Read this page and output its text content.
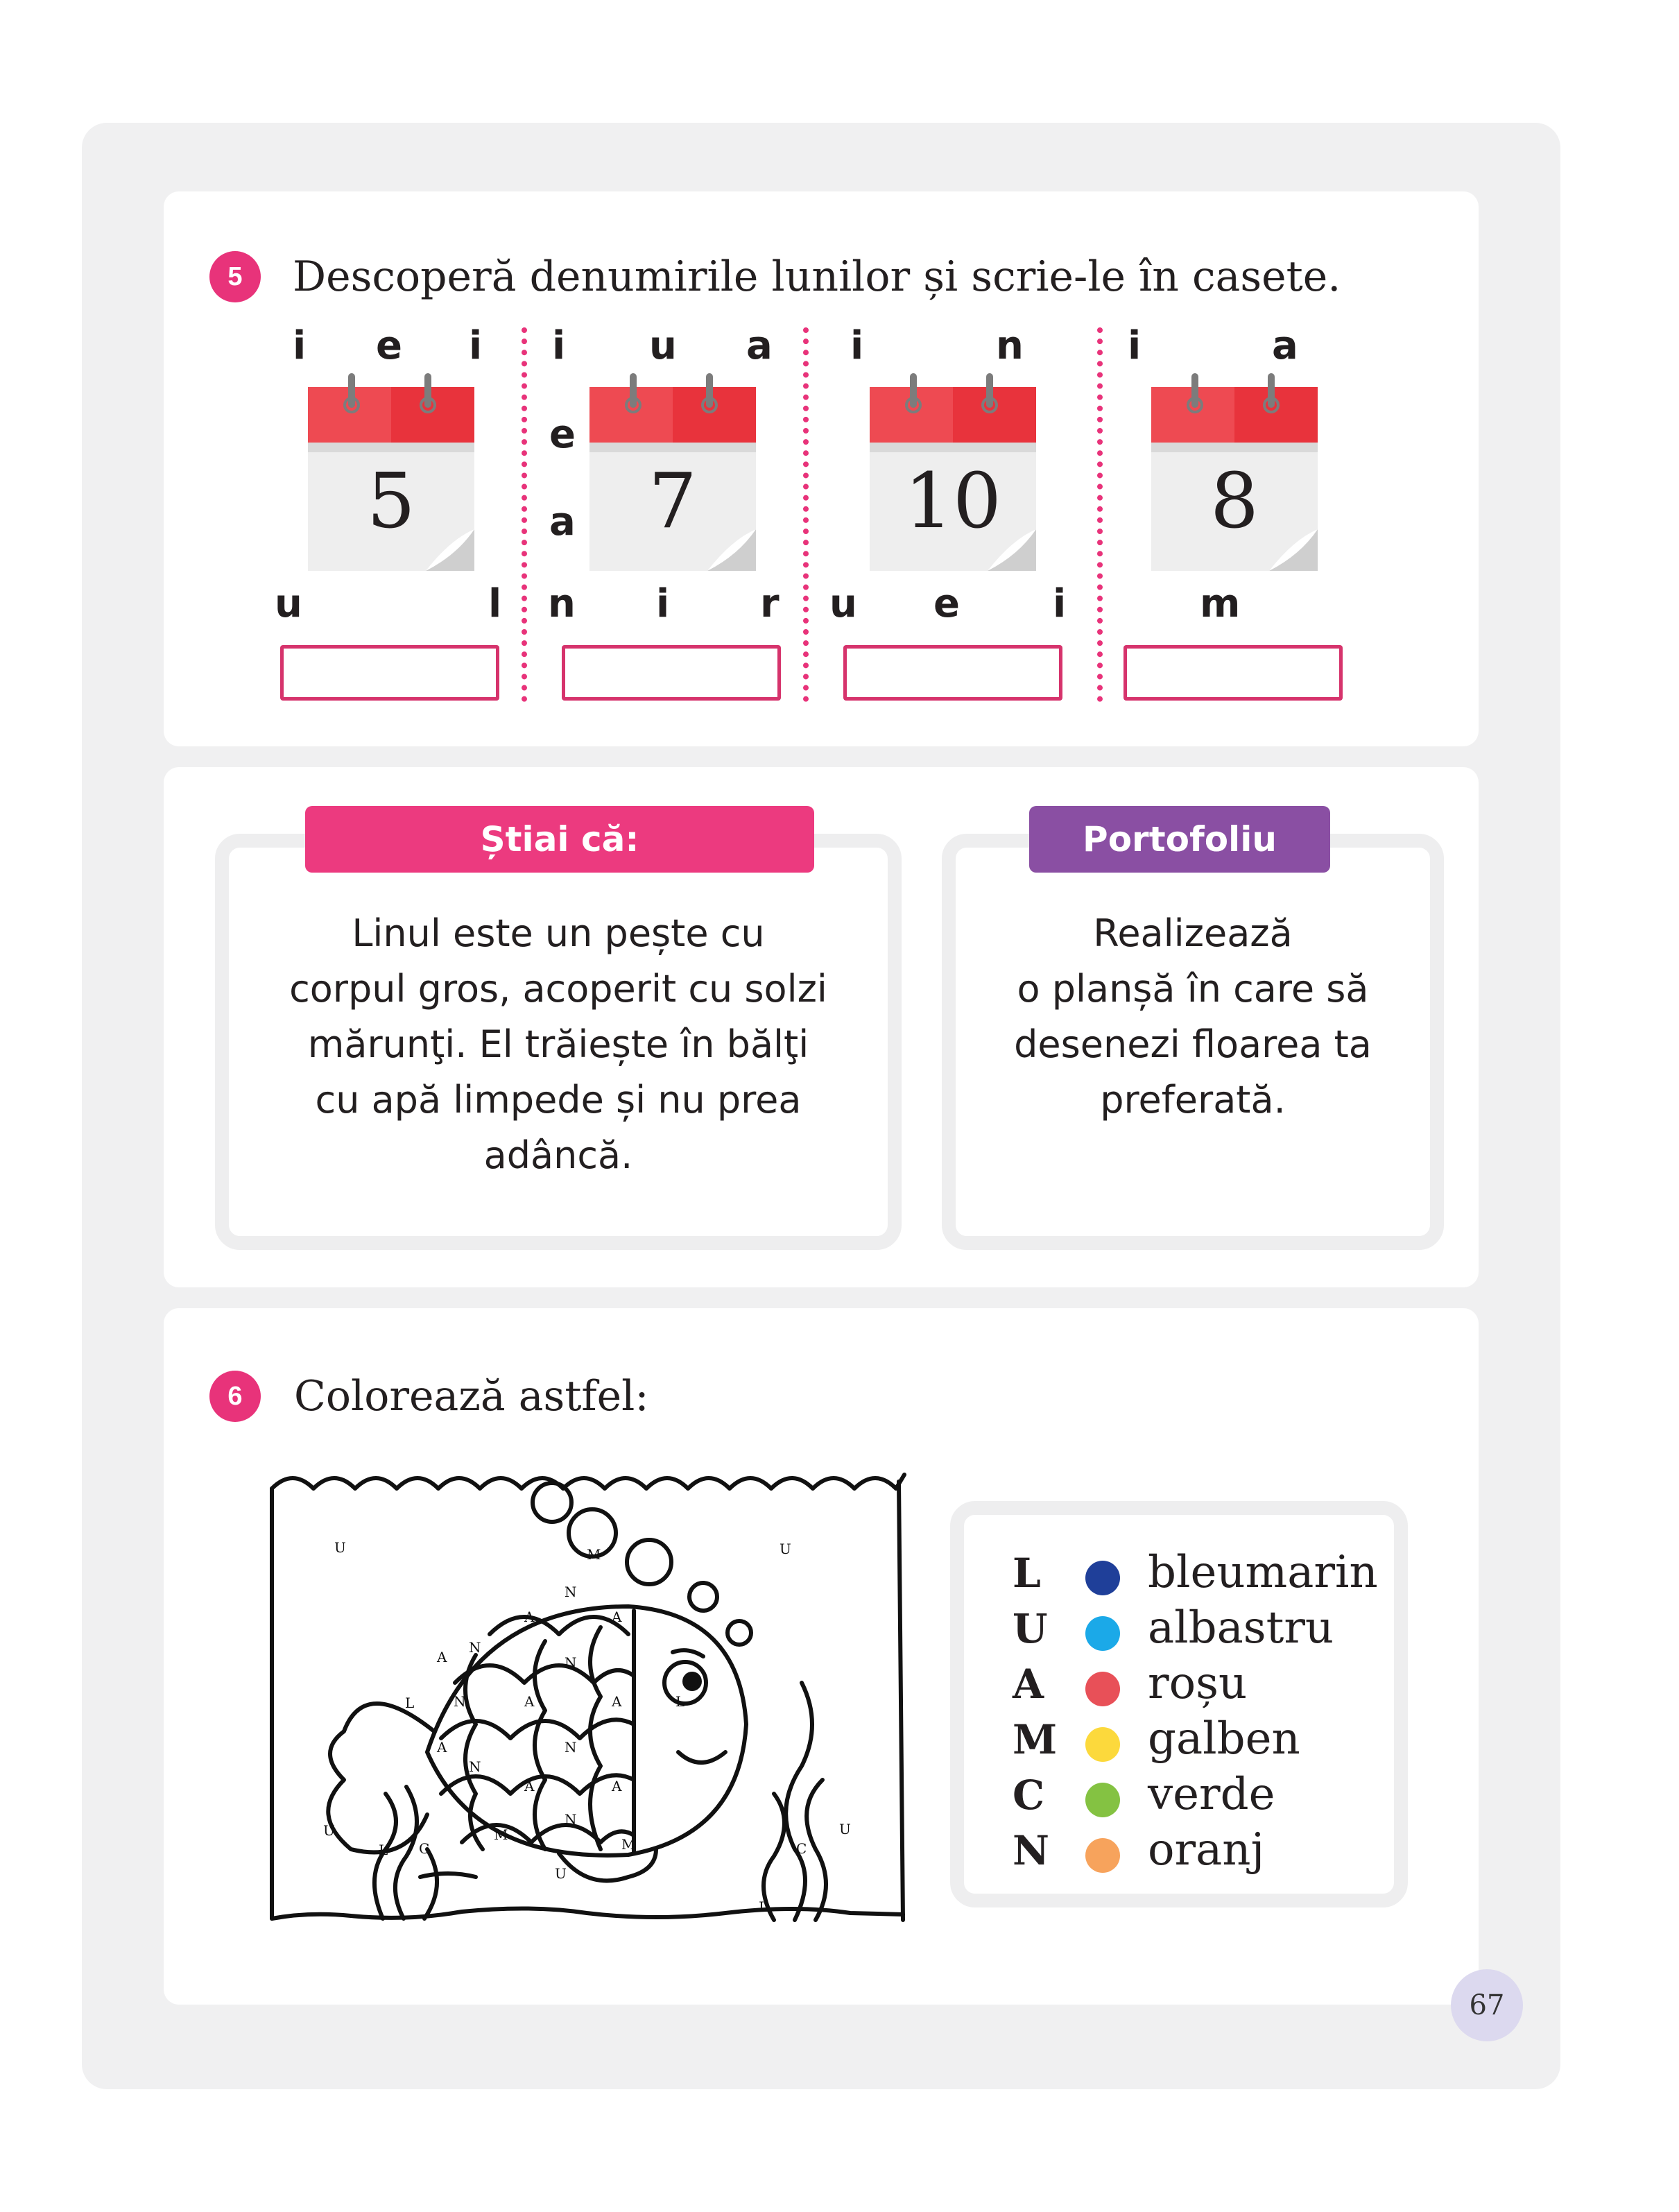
5	Descoperă denumirile lunilor și scrie-le în casete.
i e i
u	l
i u a
e
a
n i r
i	n
u e i
i	a
m
5	7	10	8
Știai că:
Linul este un pește cu
corpul gros, acoperit cu solzi
mărunţi. El trăiește în bălţi
cu apă limpede și nu prea
adâncă.
Portofoliu
Realizează
o planșă în care să
desenezi floarea ta
preferată.
6	Colorează astfel:
U	U
U	U
U
M
M
M
N
N
N
N
N
N
N
A	A
A
A	A
A
A	A
L	L
L
L
C	C
L bleumarin
U albastru
A roșu
M galben
C verde
N oranj
67
